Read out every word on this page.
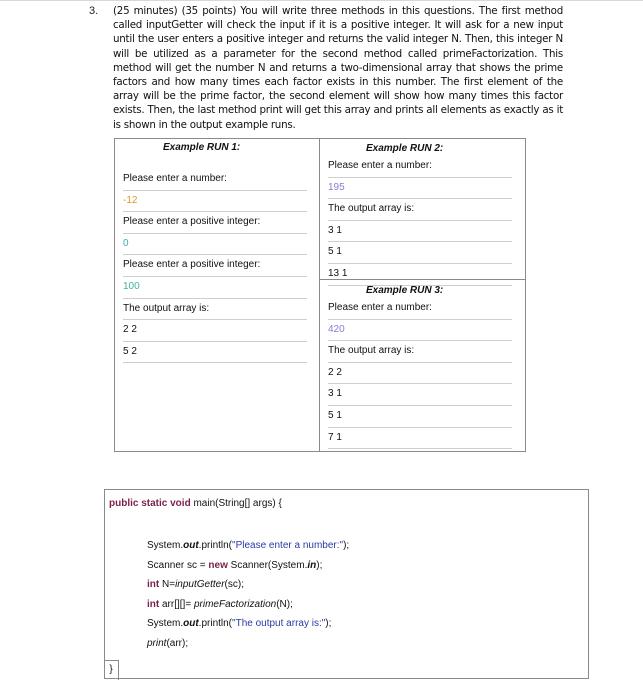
3. (25 minutes) (35 points) You will write three methods in this questions. The first method called inputGetter will check the input if it is a positive integer. It will ask for a new input until the user enters a positive integer and returns the valid integer N. Then, this integer N will be utilized as a parameter for the second method called primeFactorization. This method will get the number N and returns a two-dimensional array that shows the prime factors and how many times each factor exists in this number. The first element of the array will be the prime factor, the second element will show how many times this factor exists. Then, the last method print will get this array and prints all elements as exactly as it is shown in the output example runs.
Example RUN 1:
Please enter a number:
-12
Please enter a positive integer:
0
Please enter a positive integer:
100
The output array is:
2 2
5 2
Example RUN 2:
Please enter a number:
195
The output array is:
3 1
5 1
13 1
Example RUN 3:
Please enter a number:
420
The output array is:
2 2
3 1
5 1
7 1
public static void main(String[] args) {
System.out.println("Please enter a number:");
Scanner sc = new Scanner(System.in);
int N=inputGetter(sc);
int arr[][]= primeFactorization(N);
System.out.println("The output array is:");
print(arr);
}
